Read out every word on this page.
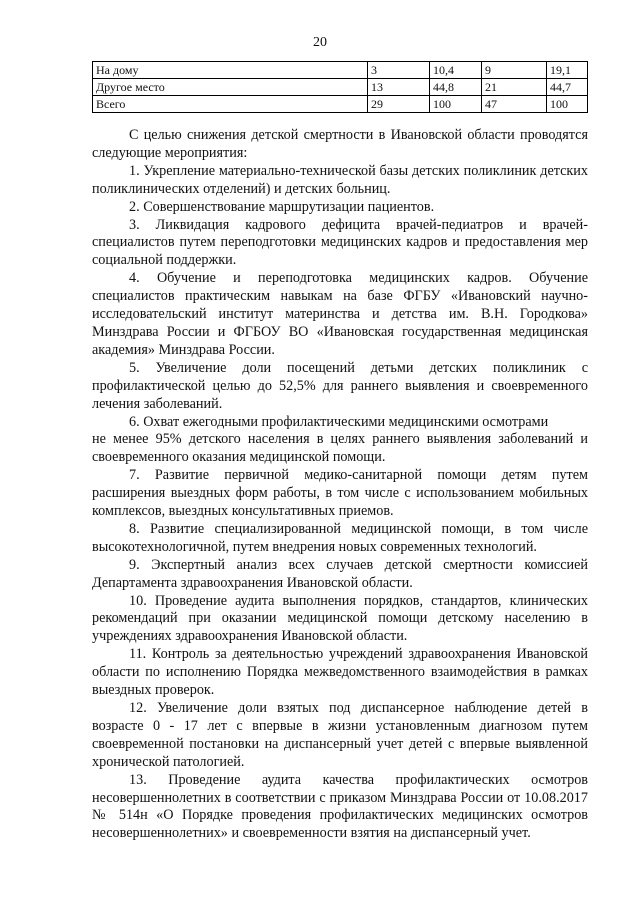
20
На дому	3	10,4	9	19,1
Другое место	13	44,8	21	44,7
Всего	29	100	47	100

С целью снижения детской смертности в Ивановской области проводятся следующие мероприятия:

1. Укрепление материально-технической базы детских поликлиник детских поликлинических отделений) и детских больниц.

2. Совершенствование маршрутизации пациентов.

3. Ликвидация кадрового дефицита врачей-педиатров и врачей-специалистов путем переподготовки медицинских кадров и предоставления мер социальной поддержки.

4. Обучение и переподготовка медицинских кадров. Обучение специалистов практическим навыкам на базе ФГБУ «Ивановский научно-исследовательский институт материнства и детства им. В.Н. Городкова» Минздрава России и ФГБОУ ВО «Ивановская государственная медицинская академия» Минздрава России.

5. Увеличение доли посещений детьми детских поликлиник с профилактической целью до 52,5% для раннего выявления и своевременного лечения заболеваний.

6. Охват ежегодными профилактическими медицинскими осмотрами

не менее 95% детского населения в целях раннего выявления заболеваний и своевременного оказания медицинской помощи.

7. Развитие первичной медико-санитарной помощи детям путем расширения выездных форм работы, в том числе с использованием мобильных комплексов, выездных консультативных приемов.

8. Развитие специализированной медицинской помощи, в том числе высокотехнологичной, путем внедрения новых современных технологий.

9. Экспертный анализ всех случаев детской смертности комиссией Департамента здравоохранения Ивановской области.

10. Проведение аудита выполнения порядков, стандартов, клинических рекомендаций при оказании медицинской помощи детскому населению в учреждениях здравоохранения Ивановской области.

11. Контроль за деятельностью учреждений здравоохранения Ивановской области по исполнению Порядка межведомственного взаимодействия в рамках выездных проверок.

12. Увеличение доли взятых под диспансерное наблюдение детей в возрасте 0 - 17 лет с впервые в жизни установленным диагнозом путем своевременной постановки на диспансерный учет детей с впервые выявленной хронической патологией.

13. Проведение аудита качества профилактических осмотров несовершеннолетних в соответствии с приказом Минздрава России от 10.08.2017 № 514н «О Порядке проведения профилактических медицинских осмотров несовершеннолетних» и своевременности взятия на диспансерный учет.
